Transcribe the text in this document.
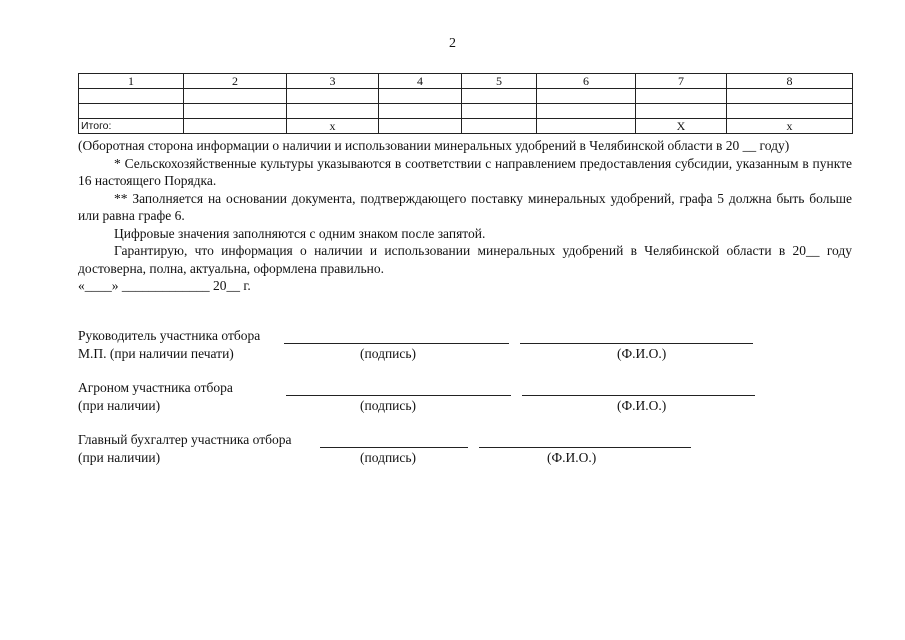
2
1	2	3	4	5	6	7	8

Итого:		x				X	x

(Оборотная сторона информации о наличии и использовании минеральных удобрений в Челябинской области в 20 __ году)

* Сельскохозяйственные культуры указываются в соответствии с направлением предоставления субсидии, указанным в пункте 16 настоящего Порядка.

** Заполняется на основании документа, подтверждающего поставку минеральных удобрений, графа 5 должна быть больше или равна графе 6.

Цифровые значения заполняются с одним знаком после запятой.

Гарантирую, что информация о наличии и использовании минеральных удобрений в Челябинской области в 20__ году достоверна, полна, актуальна, оформлена правильно.

«____» _____________ 20__ г.

Руководитель участника отбора
М.П. (при наличии печати)	(подпись)	(Ф.И.О.)
Агроном участника отбора
(при наличии)	(подпись)	(Ф.И.О.)
Главный бухгалтер участника отбора
(при наличии)	(подпись)	(Ф.И.О.)
